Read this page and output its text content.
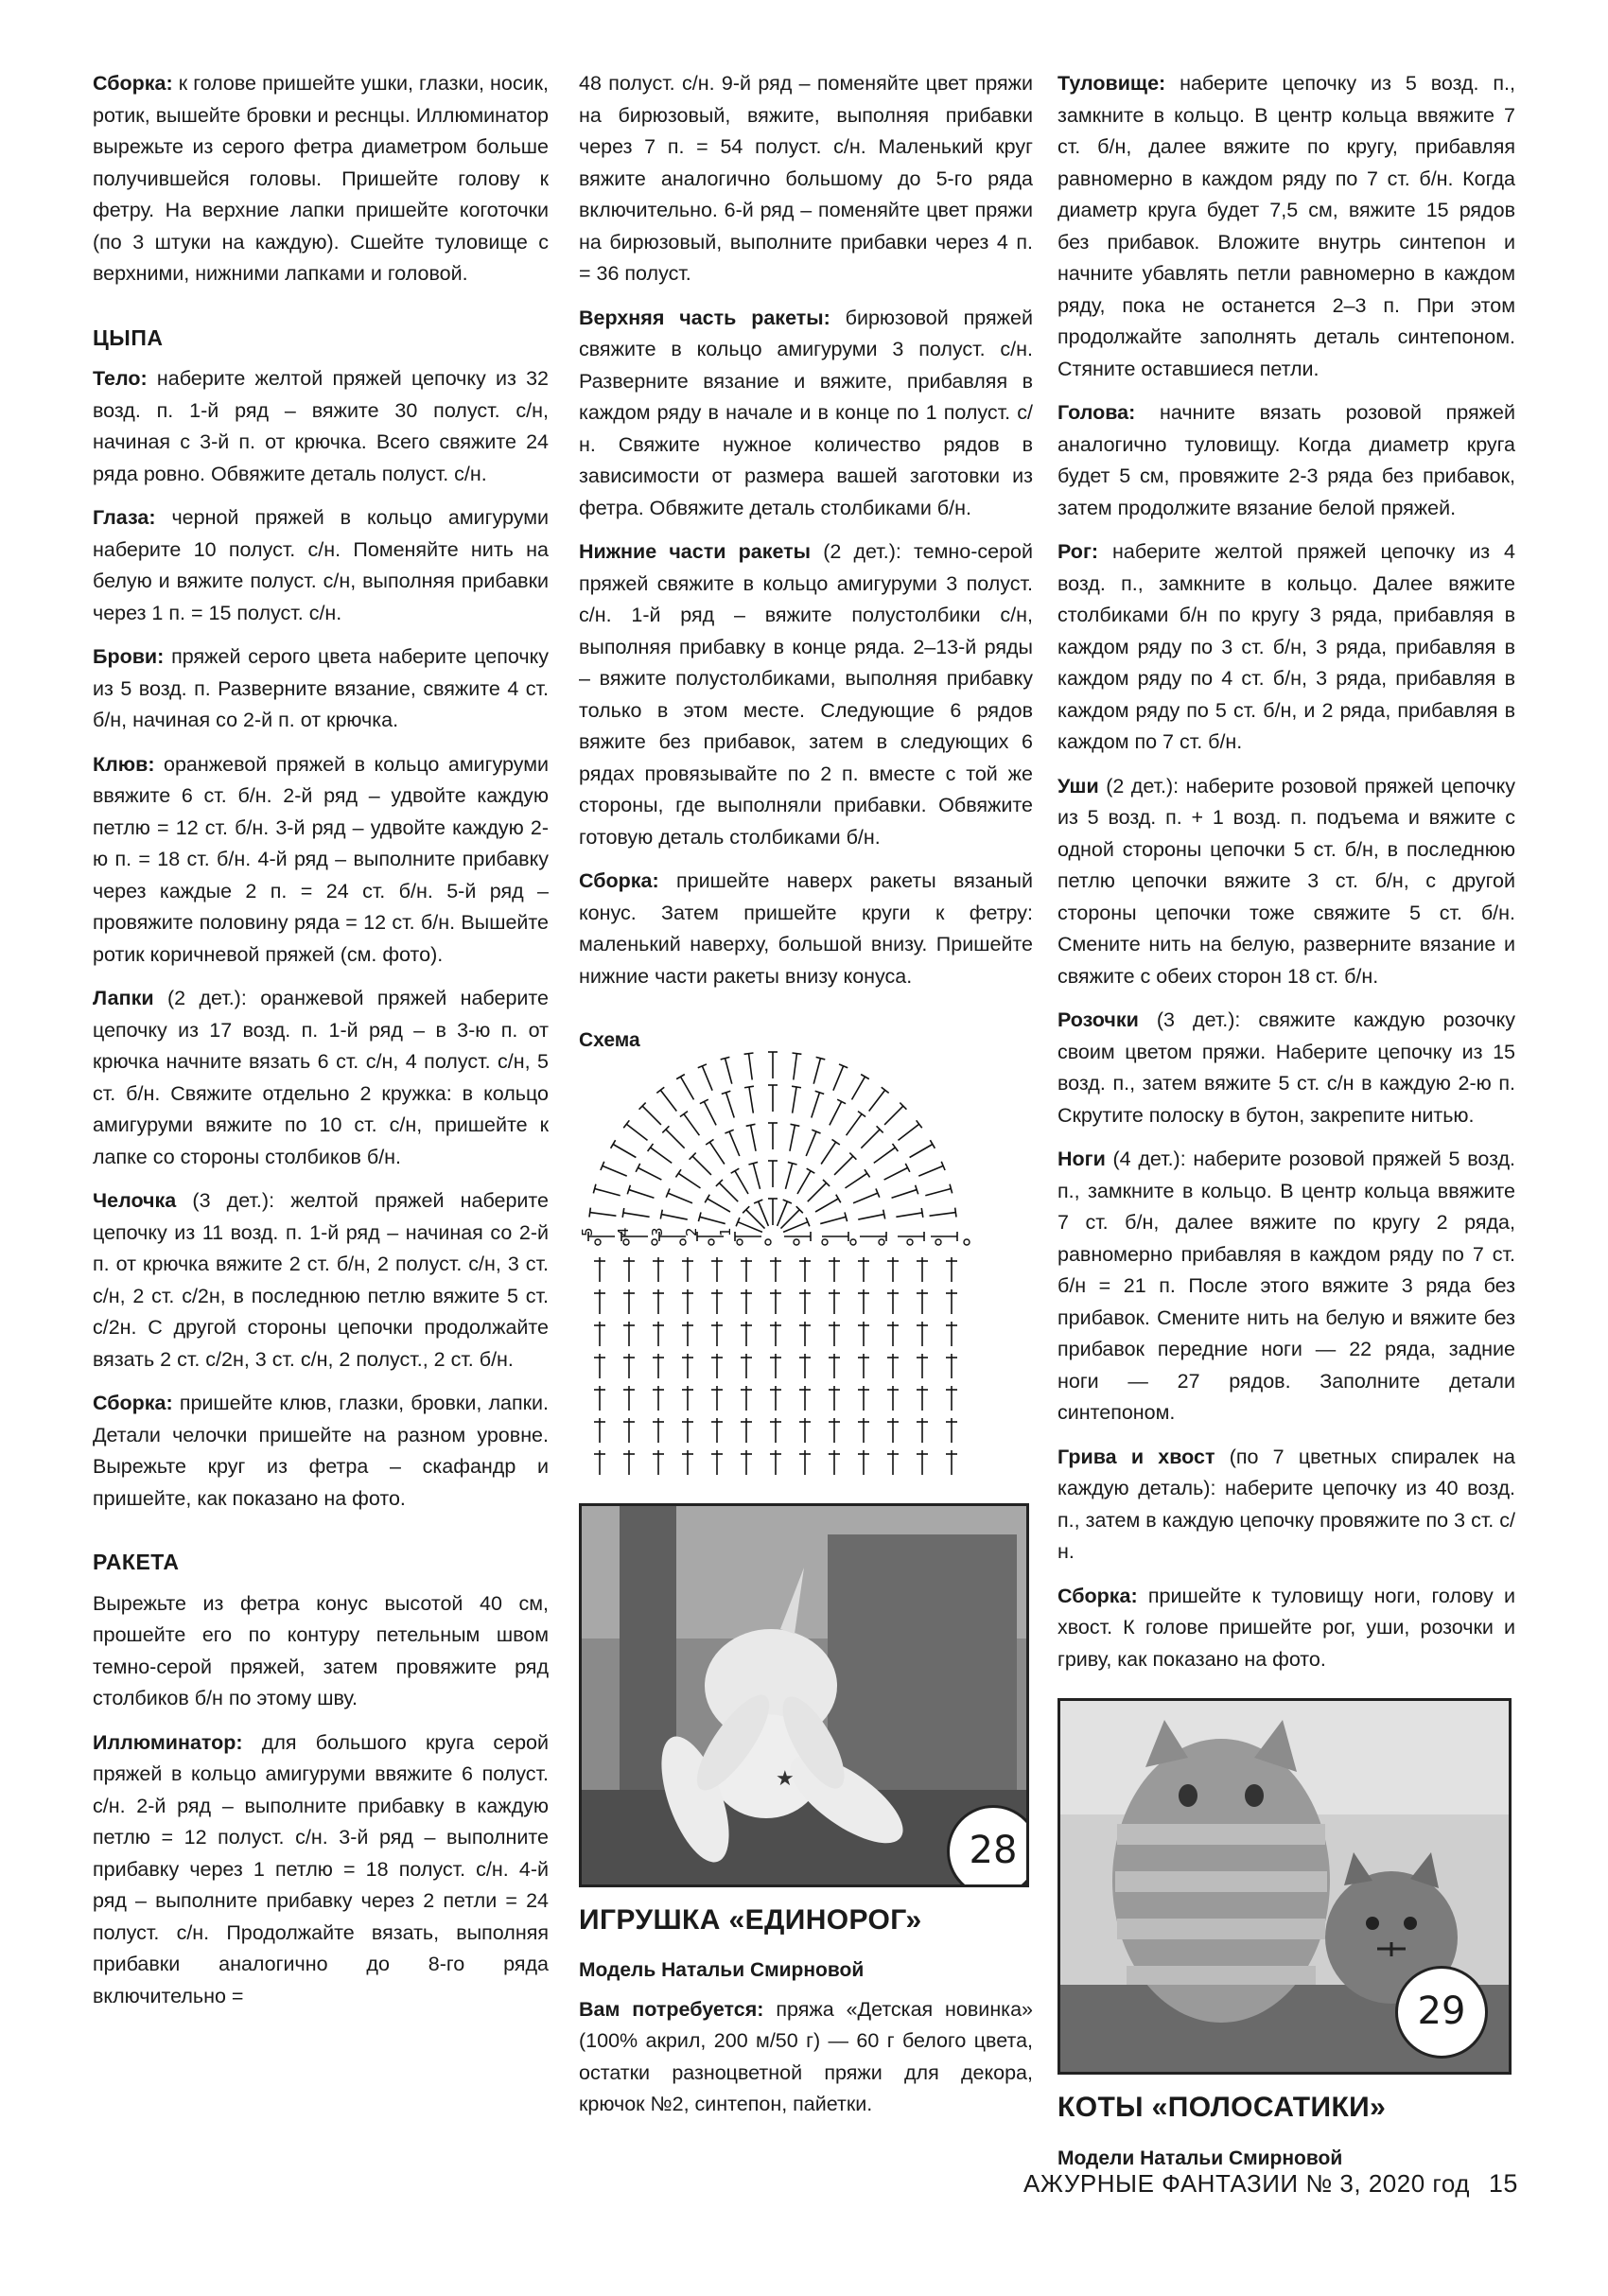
Сборка: к голове пришейте ушки, глазки, носик, ротик, вышейте бровки и реснцы. Иллюминатор вырежьте из серого фетра диаметром больше получившейся головы. Пришейте голову к фетру. На верхние лапки пришейте коготочки (по 3 штуки на каждую). Сшейте туловище с верхними, нижними лапками и головой.

ЦЫПА

Тело: наберите желтой пряжей цепочку из 32 возд. п. 1-й ряд – вяжите 30 полуст. с/н, начиная с 3-й п. от крючка. Всего свяжите 24 ряда ровно. Обвяжите деталь полуст. с/н.

Глаза: черной пряжей в кольцо амигуруми наберите 10 полуст. с/н. Поменяйте нить на белую и вяжите полуст. с/н, выполняя прибавки через 1 п. = 15 полуст. с/н.

Брови: пряжей серого цвета наберите цепочку из 5 возд. п. Разверните вязание, свяжите 4 ст. б/н, начиная со 2-й п. от крючка.

Клюв: оранжевой пряжей в кольцо амигуруми ввяжите 6 ст. б/н. 2-й ряд – удвойте каждую петлю = 12 ст. б/н. 3-й ряд – удвойте каждую 2-ю п. = 18 ст. б/н. 4-й ряд – выполните прибавку через каждые 2 п. = 24 ст. б/н. 5-й ряд – провяжите половину ряда = 12 ст. б/н. Вышейте ротик коричневой пряжей (см. фото).

Лапки (2 дет.): оранжевой пряжей наберите цепочку из 17 возд. п. 1-й ряд – в 3-ю п. от крючка начните вязать 6 ст. с/н, 4 полуст. с/н, 5 ст. б/н. Свяжите отдельно 2 кружка: в кольцо амигуруми вяжите по 10 ст. с/н, пришейте к лапке со стороны столбиков б/н.

Челочка (3 дет.): желтой пряжей наберите цепочку из 11 возд. п. 1-й ряд – начиная со 2-й п. от крючка вяжите 2 ст. б/н, 2 полуст. с/н, 3 ст. с/н, 2 ст. с/2н, в последнюю петлю вяжите 5 ст. с/2н. С другой стороны цепочки продолжайте вязать 2 ст. с/2н, 3 ст. с/н, 2 полуст., 2 ст. б/н.

Сборка: пришейте клюв, глазки, бровки, лапки. Детали челочки пришейте на разном уровне. Вырежьте круг из фетра – скафандр и пришейте, как показано на фото.

РАКЕТА

Вырежьте из фетра конус высотой 40 см, прошейте его по контуру петельным швом темно-серой пряжей, затем провяжите ряд столбиков б/н по этому шву.

Иллюминатор: для большого круга серой пряжей в кольцо амигуруми ввяжите 6 полуст. с/н. 2-й ряд – выполните прибавку в каждую петлю = 12 полуст. с/н. 3-й ряд – выполните прибавку через 1 петлю = 18 полуст. с/н. 4-й ряд – выполните прибавку через 2 петли = 24 полуст. с/н. Продолжайте вязать, выполняя прибавки аналогично до 8-го ряда включительно =

48 полуст. с/н. 9-й ряд – поменяйте цвет пряжи на бирюзовый, вяжите, выполняя прибавки через 7 п. = 54 полуст. с/н. Маленький круг вяжите аналогично большому до 5-го ряда включительно. 6-й ряд – поменяйте цвет пряжи на бирюзовый, выполните прибавки через 4 п. = 36 полуст.

Верхняя часть ракеты: бирюзовой пряжей свяжите в кольцо амигуруми 3 полуст. с/н. Разверните вязание и вяжите, прибавляя в каждом ряду в начале и в конце по 1 полуст. с/н. Свяжите нужное количество рядов в зависимости от размера вашей заготовки из фетра. Обвяжите деталь столбиками б/н.

Нижние части ракеты (2 дет.): темно-серой пряжей свяжите в кольцо амигуруми 3 полуст. с/н. 1-й ряд – вяжите полустолбики с/н, выполняя прибавку в конце ряда. 2–13-й ряды – вяжите полустолбиками, выполняя прибавку только в этом месте. Следующие 6 рядов вяжите без прибавок, затем в следующих 6 рядах провязывайте по 2 п. вместе с той же стороны, где выполняли прибавки. Обвяжите готовую деталь столбиками б/н.

Сборка: пришейте наверх ракеты вязаный конус. Затем пришейте круги к фетру: маленький наверху, большой внизу. Пришейте нижние части ракеты внизу конуса.

Схема
5 4 3 2 1
★
28
ИГРУШКА «ЕДИНОРОГ»
Модель Натальи Смирновой

Вам потребуется: пряжа «Детская новинка» (100% акрил, 200 м/50 г) — 60 г белого цвета, остатки разноцветной пряжи для декора, крючок №2, синтепон, пайетки.

Туловище: наберите цепочку из 5 возд. п., замкните в кольцо. В центр кольца ввяжите 7 ст. б/н, далее вяжите по кругу, прибавляя равномерно в каждом ряду по 7 ст. б/н. Когда диаметр круга будет 7,5 см, вяжите 15 рядов без прибавок. Вложите внутрь синтепон и начните убавлять петли равномерно в каждом ряду, пока не останется 2–3 п. При этом продолжайте заполнять деталь синтепоном. Стяните оставшиеся петли.

Голова: начните вязать розовой пряжей аналогично туловищу. Когда диаметр круга будет 5 см, провяжите 2-3 ряда без прибавок, затем продолжите вязание белой пряжей.

Рог: наберите желтой пряжей цепочку из 4 возд. п., замкните в кольцо. Далее вяжите столбиками б/н по кругу 3 ряда, прибавляя в каждом ряду по 3 ст. б/н, 3 ряда, прибавляя в каждом ряду по 4 ст. б/н, 3 ряда, прибавляя в каждом ряду по 5 ст. б/н, и 2 ряда, прибавляя в каждом по 7 ст. б/н.

Уши (2 дет.): наберите розовой пряжей цепочку из 5 возд. п. + 1 возд. п. подъема и вяжите с одной стороны цепочки 5 ст. б/н, в последнюю петлю цепочки вяжите 3 ст. б/н, с другой стороны цепочки тоже свяжите 5 ст. б/н. Смените нить на белую, разверните вязание и свяжите с обеих сторон 18 ст. б/н.

Розочки (3 дет.): свяжите каждую розочку своим цветом пряжи. Наберите цепочку из 15 возд. п., затем вяжите 5 ст. с/н в каждую 2-ю п. Скрутите полоску в бутон, закрепите нитью.

Ноги (4 дет.): наберите розовой пряжей 5 возд. п., замкните в кольцо. В центр кольца ввяжите 7 ст. б/н, далее вяжите по кругу 2 ряда, равномерно прибавляя в каждом ряду по 7 ст. б/н = 21 п. После этого вяжите 3 ряда без прибавок. Смените нить на белую и вяжите без прибавок передние ноги — 22 ряда, задние ноги — 27 рядов. Заполните детали синтепоном.

Грива и хвост (по 7 цветных спиралек на каждую деталь): наберите цепочку из 40 возд. п., затем в каждую цепочку провяжите по 3 ст. с/н.

Сборка: пришейте к туловищу ноги, голову и хвост. К голове пришейте рог, уши, розочки и гриву, как показано на фото.

29
КОТЫ «ПОЛОСАТИКИ»
Модели Натальи Смирновой
АЖУРНЫЕ ФАНТАЗИИ № 3, 2020 год 15
